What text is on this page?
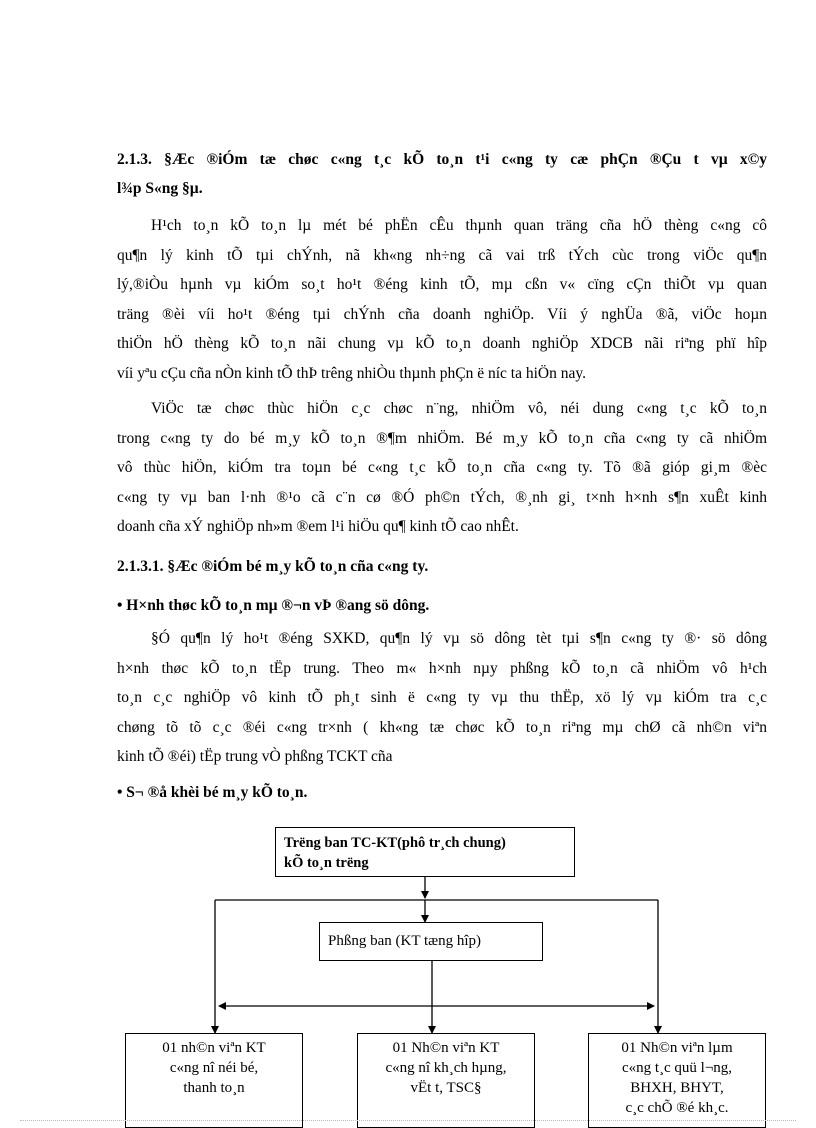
2.1.3. §Æc ®iÓm tæ chøc c«ng t¸c kÕ to¸n t¹i c«ng ty cæ phÇn ®Çu t vµ x©y
l¾p S«ng §µ.
H¹ch to¸n kÕ to¸n lµ mét bé phËn cÊu thµnh quan träng cña hÖ thèng c«ng cô
qu¶n lý kinh tÕ tµi chÝnh, nã kh«ng nh÷ng cã vai trß tÝch cùc trong viÖc qu¶n
lý,®iÒu hµnh vµ kiÓm so¸t ho¹t ®éng kinh tÕ, mµ cßn v« cïng cÇn thiÕt vµ quan
träng ®èi víi ho¹t ®éng tµi chÝnh cña doanh nghiÖp. Víi ý nghÜa ®ã, viÖc hoµn
thiÖn hÖ thèng kÕ to¸n nãi chung vµ kÕ to¸n doanh nghiÖp XDCB nãi riªng phï hîp
víi yªu cÇu cña nÒn kinh tÕ thÞ trêng nhiÒu thµnh phÇn ë níc ta hiÖn nay.
ViÖc tæ chøc thùc hiÖn c¸c chøc n¨ng, nhiÖm vô, néi dung c«ng t¸c kÕ to¸n
trong c«ng ty do bé m¸y kÕ to¸n ®¶m nhiÖm. Bé m¸y kÕ to¸n cña c«ng ty cã nhiÖm
vô thùc hiÖn, kiÓm tra toµn bé c«ng t¸c kÕ to¸n cña c«ng ty. Tõ ®ã gióp gi¸m ®èc
c«ng ty vµ ban l·nh ®¹o cã c¨n cø ®Ó ph©n tÝch, ®¸nh gi¸ t×nh h×nh s¶n xuÊt kinh
doanh cña xÝ nghiÖp nh»m ®em l¹i hiÖu qu¶ kinh tÕ cao nhÊt.
2.1.3.1. §Æc ®iÓm bé m¸y kÕ to¸n cña c«ng ty.
• H×nh thøc kÕ to¸n mµ ®¬n vÞ ®ang sö dông.
§Ó qu¶n lý ho¹t ®éng SXKD, qu¶n lý vµ sö dông tèt tµi s¶n c«ng ty ®· sö dông
h×nh thøc kÕ to¸n tËp trung. Theo m« h×nh nµy phßng kÕ to¸n cã nhiÖm vô h¹ch
to¸n c¸c nghiÖp vô kinh tÕ ph¸t sinh ë c«ng ty vµ thu thËp, xö lý vµ kiÓm tra c¸c
chøng tõ tõ c¸c ®éi c«ng tr×nh ( kh«ng tæ chøc kÕ to¸n riªng mµ chØ cã nh©n viªn
kinh tÕ ®éi) tËp trung vÒ phßng TCKT cña
• S¬ ®å khèi bé m¸y kÕ to¸n.
Trëng ban TC-KT(phô tr¸ch chung)
kÕ to¸n trëng
Phßng ban (KT tæng hîp)
01 nh©n viªn KT
c«ng nî néi bé,
thanh to¸n
01 Nh©n viªn KT
c«ng nî kh¸ch hµng,
vËt t, TSC§
01 Nh©n viªn lµm
c«ng t¸c quü l¬ng,
BHXH, BHYT,
c¸c chÕ ®é kh¸c.
